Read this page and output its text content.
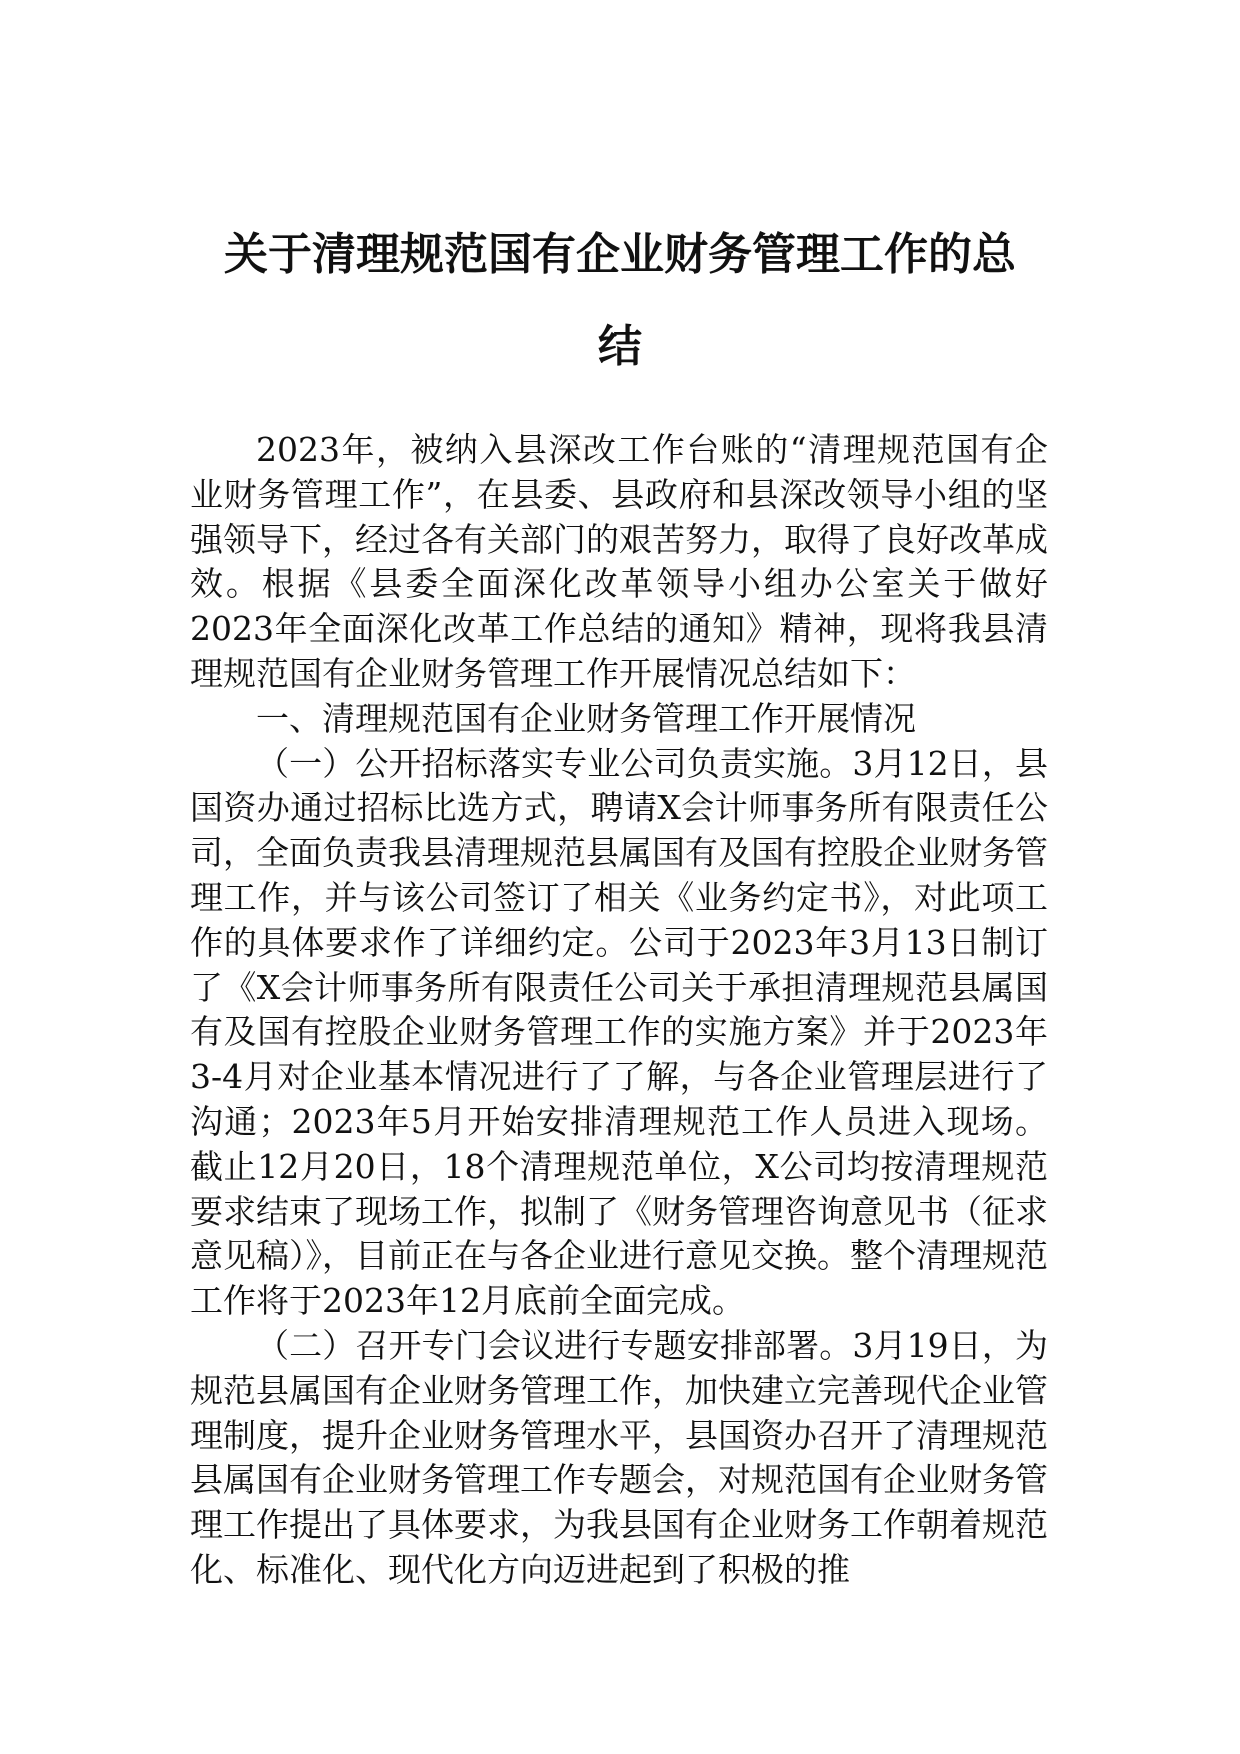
关于清理规范国有企业财务管理工作的总
结

2023年，被纳入县深改工作台账的“清理规范国有企业财务管理工作”，在县委、县政府和县深改领导小组的坚强领导下，经过各有关部门的艰苦努力，取得了良好改革成效。根据《县委全面深化改革领导小组办公室关于做好2023年全面深化改革工作总结的通知》精神，现将我县清理规范国有企业财务管理工作开展情况总结如下：

一、清理规范国有企业财务管理工作开展情况

（一）公开招标落实专业公司负责实施。3月12日，县国资办通过招标比选方式，聘请X会计师事务所有限责任公司，全面负责我县清理规范县属国有及国有控股企业财务管理工作，并与该公司签订了相关《业务约定书》，对此项工作的具体要求作了详细约定。公司于2023年3月13日制订了《X会计师事务所有限责任公司关于承担清理规范县属国有及国有控股企业财务管理工作的实施方案》并于2023年3-4月对企业基本情况进行了了解，与各企业管理层进行了沟通；2023年5月开始安排清理规范工作人员进入现场。截止12月20日，18个清理规范单位，X公司均按清理规范要求结束了现场工作，拟制了《财务管理咨询意见书（征求意见稿）》，目前正在与各企业进行意见交换。整个清理规范工作将于2023年12月底前全面完成。

（二）召开专门会议进行专题安排部署。3月19日，为规范县属国有企业财务管理工作，加快建立完善现代企业管理制度，提升企业财务管理水平，县国资办召开了清理规范县属国有企业财务管理工作专题会，对规范国有企业财务管理工作提出了具体要求，为我县国有企业财务工作朝着规范化、标准化、现代化方向迈进起到了积极的推
